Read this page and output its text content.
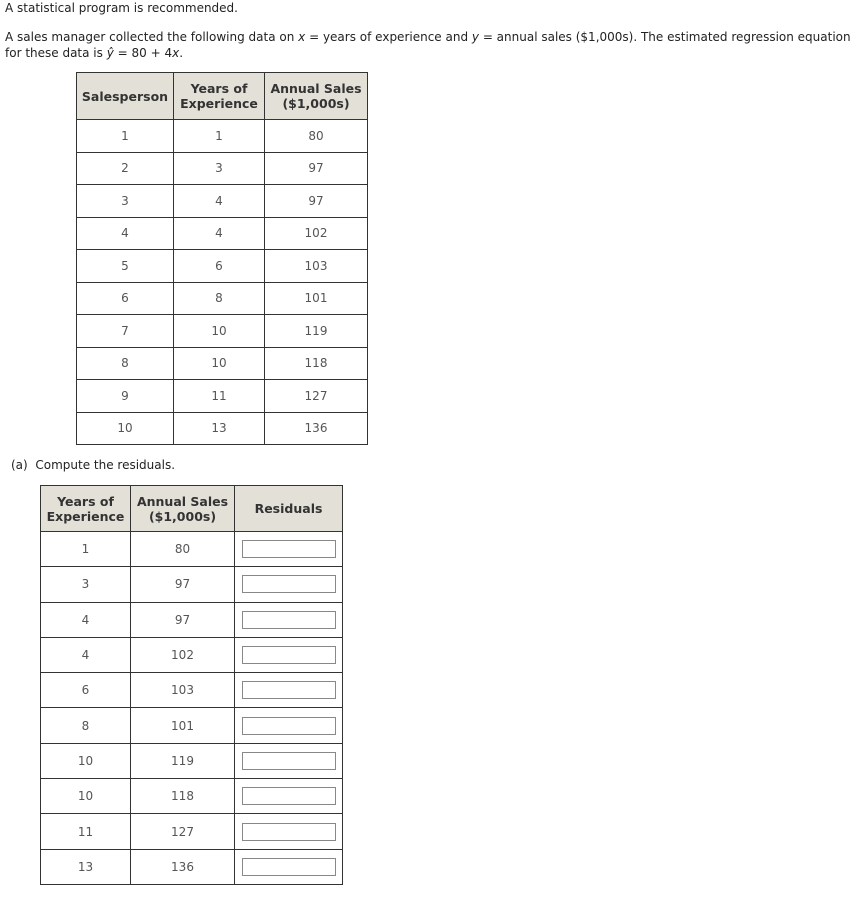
A statistical program is recommended.
A sales manager collected the following data on x = years of experience and y = annual sales ($1,000s). The estimated regression equation
for these data is ŷ = 80 + 4x.
Salesperson	Years of Experience	Annual Sales ($1,000s)
1	1	80
2	3	97
3	4	97
4	4	102
5	6	103
6	8	101
7	10	119
8	10	118
9	11	127
10	13	136
(a) Compute the residuals.
Years of Experience	Annual Sales ($1,000s)	Residuals
1	80	

3	97	

4	97	

4	102	

6	103	

8	101	

10	119	

10	118	

11	127	

13	136	
